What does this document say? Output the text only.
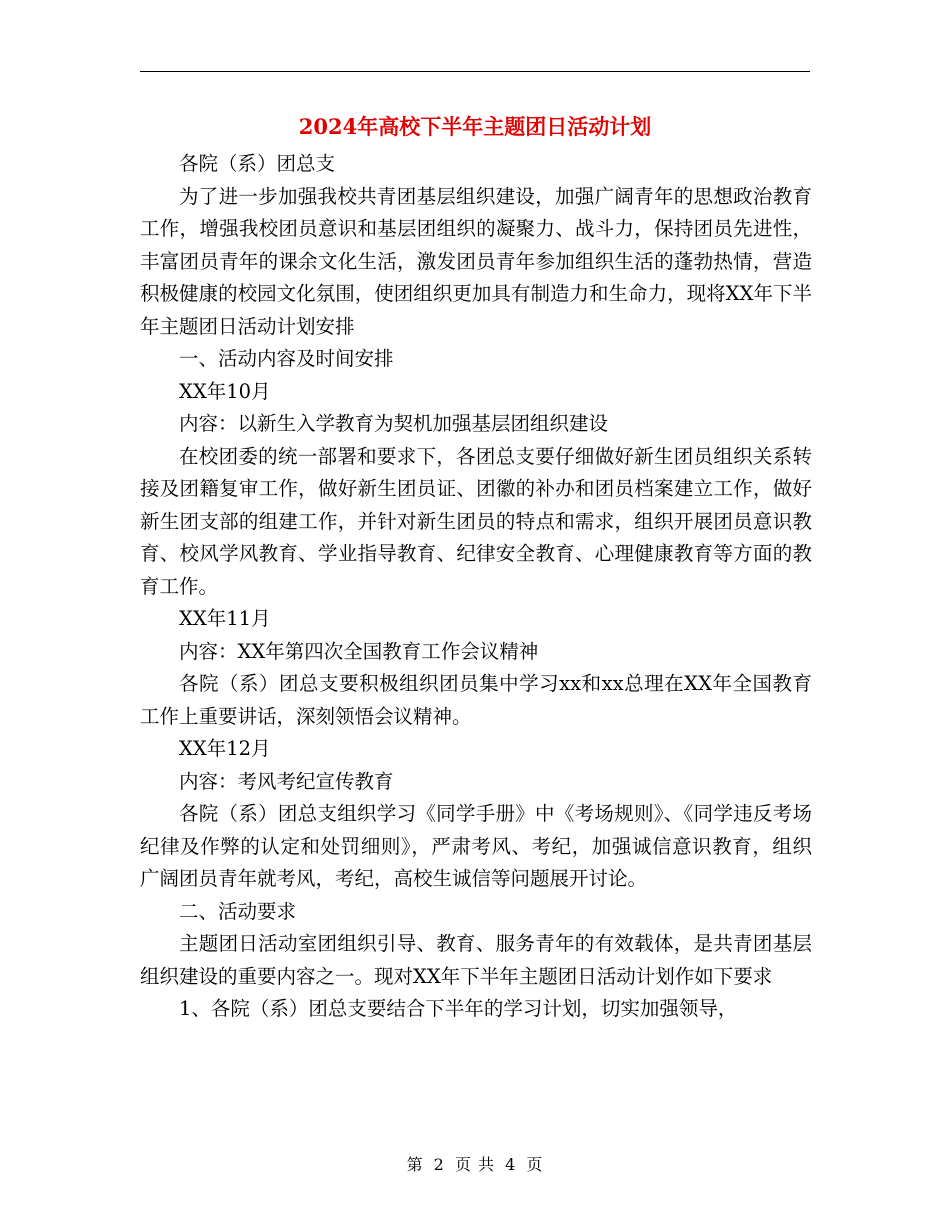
2024年高校下半年主题团日活动计划

各院（系）团总支

为了进一步加强我校共青团基层组织建设，加强广阔青年的思想政治教育工作，增强我校团员意识和基层团组织的凝聚力、战斗力，保持团员先进性，丰富团员青年的课余文化生活，激发团员青年参加组织生活的蓬勃热情，营造积极健康的校园文化氛围，使团组织更加具有制造力和生命力，现将XX年下半年主题团日活动计划安排

一、活动内容及时间安排

XX年10月

内容：以新生入学教育为契机加强基层团组织建设

在校团委的统一部署和要求下，各团总支要仔细做好新生团员组织关系转接及团籍复审工作，做好新生团员证、团徽的补办和团员档案建立工作，做好新生团支部的组建工作，并针对新生团员的特点和需求，组织开展团员意识教育、校风学风教育、学业指导教育、纪律安全教育、心理健康教育等方面的教育工作。

XX年11月

内容：XX年第四次全国教育工作会议精神

各院（系）团总支要积极组织团员集中学习xx和xx总理在XX年全国教育工作上重要讲话，深刻领悟会议精神。

XX年12月

内容：考风考纪宣传教育

各院（系）团总支组织学习《同学手册》中《考场规则》、《同学违反考场纪律及作弊的认定和处罚细则》，严肃考风、考纪，加强诚信意识教育，组织广阔团员青年就考风，考纪，高校生诚信等问题展开讨论。

二、活动要求

主题团日活动室团组织引导、教育、服务青年的有效载体，是共青团基层组织建设的重要内容之一。现对XX年下半年主题团日活动计划作如下要求

1、各院（系）团总支要结合下半年的学习计划，切实加强领导，

第 2 页 共 4 页
